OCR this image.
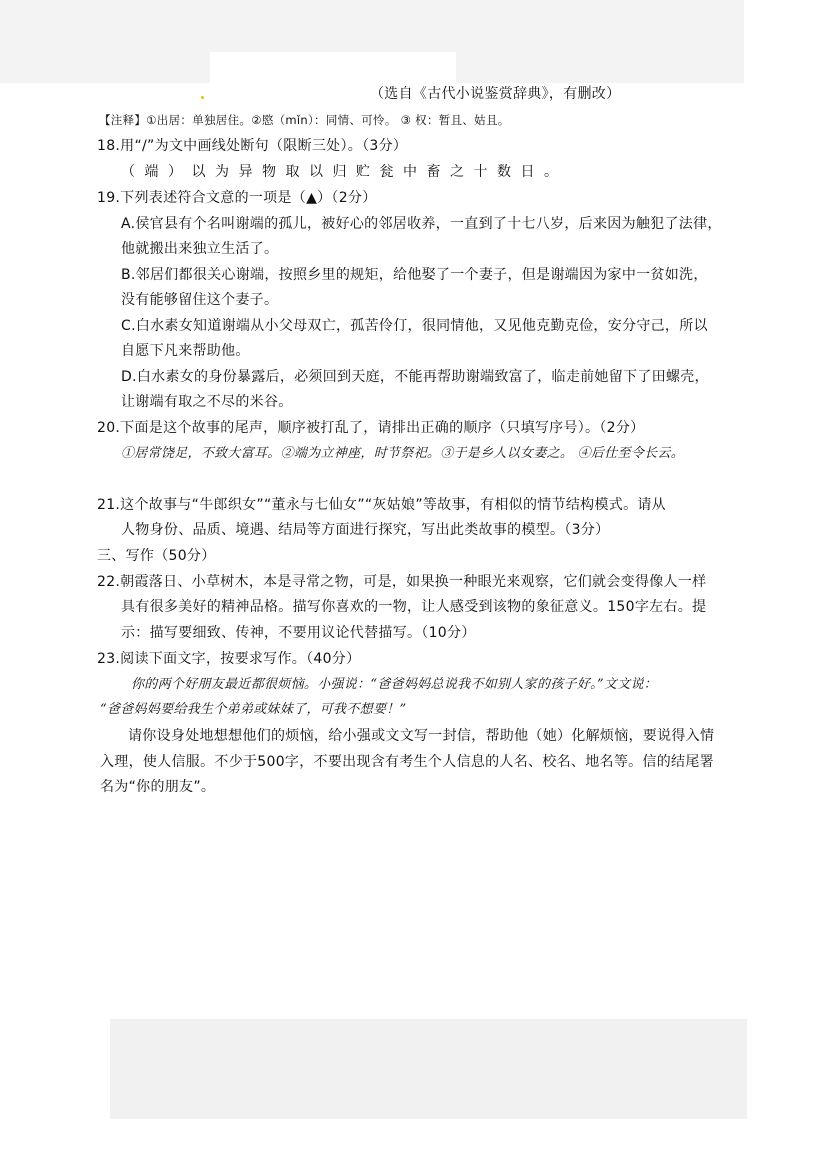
（选自《古代小说鉴赏辞典》，有删改）
【注释】①出居：单独居住。②愍（mǐn）：同情、可怜。 ③ 权：暂且、姑且。
18.用“/”为文中画线处断句（限断三处）。（3分）
（端）以为异物取以归贮瓮中畜之十数日。
19.下列表述符合文意的一项是（▲）（2分）
A.侯官县有个名叫谢端的孤儿，被好心的邻居收养，一直到了十七八岁，后来因为触犯了法律，
他就搬出来独立生活了。
B.邻居们都很关心谢端，按照乡里的规矩，给他娶了一个妻子，但是谢端因为家中一贫如洗，
没有能够留住这个妻子。
C.白水素女知道谢端从小父母双亡，孤苦伶仃，很同情他，又见他克勤克俭，安分守己，所以
自愿下凡来帮助他。
D.白水素女的身份暴露后，必须回到天庭，不能再帮助谢端致富了，临走前她留下了田螺壳，
让谢端有取之不尽的米谷。
20.下面是这个故事的尾声，顺序被打乱了，请排出正确的顺序（只填写序号）。（2分）
①居常饶足，不致大富耳。②端为立神座，时节祭祀。③于是乡人以女妻之。 ④后仕至令长云。
21.这个故事与“牛郎织女”“董永与七仙女”“灰姑娘”等故事，有相似的情节结构模式。请从
人物身份、品质、境遇、结局等方面进行探究，写出此类故事的模型。（3分）
三、写作（50分）
22.朝霞落日、小草树木，本是寻常之物，可是，如果换一种眼光来观察，它们就会变得像人一样
具有很多美好的精神品格。描写你喜欢的一物，让人感受到该物的象征意义。150字左右。提
示：描写要细致、传神，不要用议论代替描写。（10分）
23.阅读下面文字，按要求写作。（40分）
你的两个好朋友最近都很烦恼。小强说：“爸爸妈妈总说我不如别人家的孩子好。”文文说：
“爸爸妈妈要给我生个弟弟或妹妹了，可我不想要！”
请你设身处地想想他们的烦恼，给小强或文文写一封信，帮助他（她）化解烦恼，要说得入情
入理，使人信服。不少于500字，不要出现含有考生个人信息的人名、校名、地名等。信的结尾署
名为“你的朋友”。
